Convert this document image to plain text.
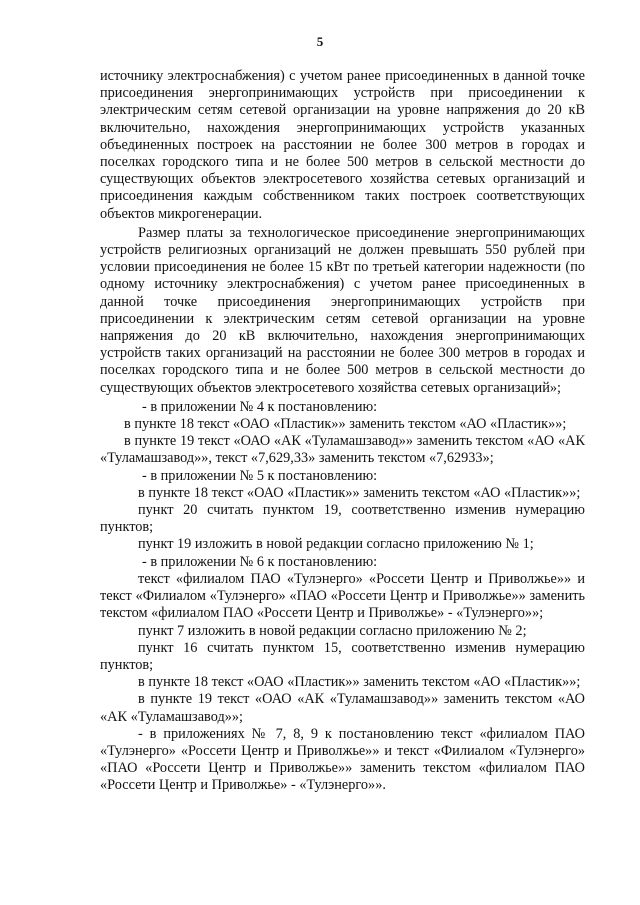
5

источнику электроснабжения) с учетом ранее присоединенных в данной точке присоединения энергопринимающих устройств при присоединении к электрическим сетям сетевой организации на уровне напряжения до 20 кВ включительно, нахождения энергопринимающих устройств указанных объединенных построек на расстоянии не более 300 метров в городах и поселках городского типа и не более 500 метров в сельской местности до существующих объектов электросетевого хозяйства сетевых организаций и присоединения каждым собственником таких построек соответствующих объектов микрогенерации.

Размер платы за технологическое присоединение энергопринимающих устройств религиозных организаций не должен превышать 550 рублей при условии присоединения не более 15 кВт по третьей категории надежности (по одному источнику электроснабжения) с учетом ранее присоединенных в данной точке присоединения энергопринимающих устройств при присоединении к электрическим сетям сетевой организации на уровне напряжения до 20 кВ включительно, нахождения энергопринимающих устройств таких организаций на расстоянии не более 300 метров в городах и поселках городского типа и не более 500 метров в сельской местности до существующих объектов электросетевого хозяйства сетевых организаций»;

- в приложении № 4 к постановлению:

в пункте 18 текст «ОАО «Пластик»» заменить текстом «АО «Пластик»»;

в пункте 19 текст «ОАО «АК «Туламашзавод»» заменить текстом «АО «АК «Туламашзавод»», текст «7,629,33» заменить текстом «7,62933»;

- в приложении № 5 к постановлению:

в пункте 18 текст «ОАО «Пластик»» заменить текстом «АО «Пластик»»;

пункт 20 считать пунктом 19, соответственно изменив нумерацию пунктов;

пункт 19 изложить в новой редакции согласно приложению № 1;

- в приложении № 6 к постановлению:

текст «филиалом ПАО «Тулэнерго» «Россети Центр и Приволжье»» и текст «Филиалом «Тулэнерго» «ПАО «Россети Центр и Приволжье»» заменить текстом «филиалом ПАО «Россети Центр и Приволжье» - «Тулэнерго»»;

пункт 7 изложить в новой редакции согласно приложению № 2;

пункт 16 считать пунктом 15, соответственно изменив нумерацию пунктов;

в пункте 18 текст «ОАО «Пластик»» заменить текстом «АО «Пластик»»;

в пункте 19 текст «ОАО «АК «Туламашзавод»» заменить текстом «АО «АК «Туламашзавод»»;

- в приложениях № 7, 8, 9 к постановлению текст «филиалом ПАО «Тулэнерго» «Россети Центр и Приволжье»» и текст «Филиалом «Тулэнерго» «ПАО «Россети Центр и Приволжье»» заменить текстом «филиалом ПАО «Россети Центр и Приволжье» - «Тулэнерго»».
